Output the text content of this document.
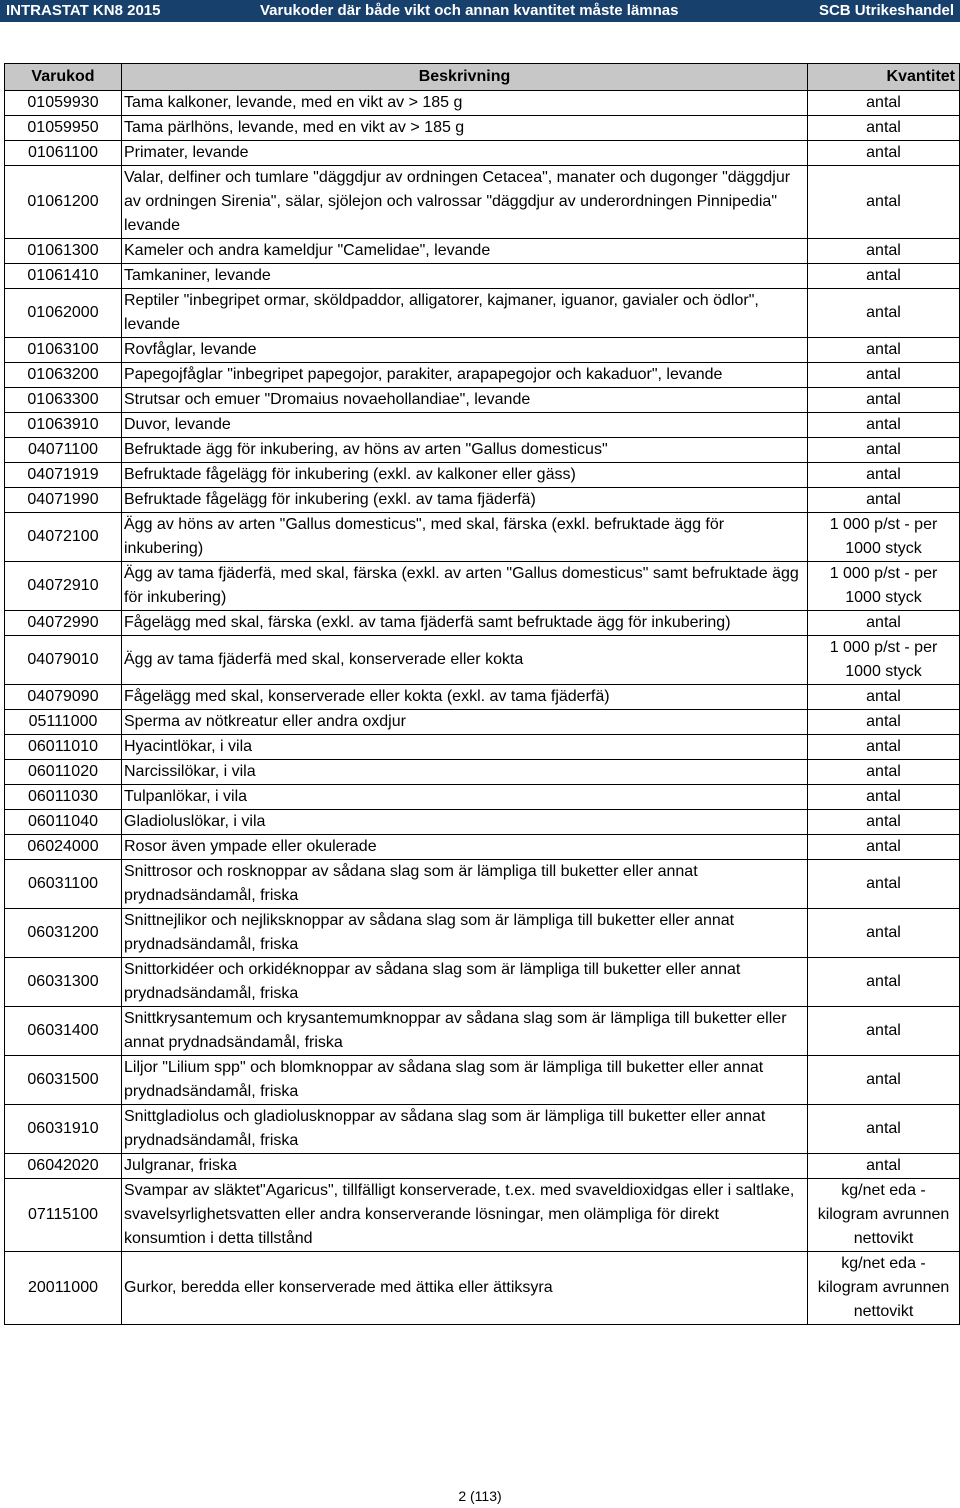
INTRASTAT KN8 2015	Varukoder där både vikt och annan kvantitet måste lämnas	SCB Utrikeshandel
Varukod	Beskrivning	Kvantitet
01059930	Tama kalkoner, levande, med en vikt av > 185 g	antal
01059950	Tama pärlhöns, levande, med en vikt av > 185 g	antal
01061100	Primater, levande	antal
01061200	Valar, delfiner och tumlare "däggdjur av ordningen Cetacea", manater och dugonger "däggdjur av ordningen Sirenia", sälar, sjölejon och valrossar "däggdjur av underordningen Pinnipedia" levande	antal
01061300	Kameler och andra kameldjur "Camelidae", levande	antal
01061410	Tamkaniner, levande	antal
01062000	Reptiler "inbegripet ormar, sköldpaddor, alligatorer, kajmaner, iguanor, gavialer och ödlor", levande	antal
01063100	Rovfåglar, levande	antal
01063200	Papegojfåglar "inbegripet papegojor, parakiter, arapapegojor och kakaduor", levande	antal
01063300	Strutsar och emuer "Dromaius novaehollandiae", levande	antal
01063910	Duvor, levande	antal
04071100	Befruktade ägg för inkubering, av höns av arten "Gallus domesticus"	antal
04071919	Befruktade fågelägg för inkubering (exkl. av kalkoner eller gäss)	antal
04071990	Befruktade fågelägg för inkubering (exkl. av tama fjäderfä)	antal
04072100	Ägg av höns av arten "Gallus domesticus", med skal, färska (exkl. befruktade ägg för inkubering)	1 000 p/st - per 1000 styck
04072910	Ägg av tama fjäderfä, med skal, färska (exkl. av arten "Gallus domesticus" samt befruktade ägg för inkubering)	1 000 p/st - per 1000 styck
04072990	Fågelägg med skal, färska (exkl. av tama fjäderfä samt befruktade ägg för inkubering)	antal
04079010	Ägg av tama fjäderfä med skal, konserverade eller kokta	1 000 p/st - per 1000 styck
04079090	Fågelägg med skal, konserverade eller kokta (exkl. av tama fjäderfä)	antal
05111000	Sperma av nötkreatur eller andra oxdjur	antal
06011010	Hyacintlökar, i vila	antal
06011020	Narcissilökar, i vila	antal
06011030	Tulpanlökar, i vila	antal
06011040	Gladioluslökar, i vila	antal
06024000	Rosor även ympade eller okulerade	antal
06031100	Snittrosor och rosknoppar av sådana slag som är lämpliga till buketter eller annat prydnadsändamål, friska	antal
06031200	Snittnejlikor och nejliksknoppar av sådana slag som är lämpliga till buketter eller annat prydnadsändamål, friska	antal
06031300	Snittorkidéer och orkidéknoppar av sådana slag som är lämpliga till buketter eller annat prydnadsändamål, friska	antal
06031400	Snittkrysantemum och krysantemumknoppar av sådana slag som är lämpliga till buketter eller annat prydnadsändamål, friska	antal
06031500	Liljor "Lilium spp" och blomknoppar av sådana slag som är lämpliga till buketter eller annat prydnadsändamål, friska	antal
06031910	Snittgladiolus och gladiolusknoppar av sådana slag som är lämpliga till buketter eller annat prydnadsändamål, friska	antal
06042020	Julgranar, friska	antal
07115100	Svampar av släktet"Agaricus", tillfälligt konserverade, t.ex. med svaveldioxidgas eller i saltlake, svavelsyrlighetsvatten eller andra konserverande lösningar, men olämpliga för direkt konsumtion i detta tillstånd	kg/net eda - kilogram avrunnen nettovikt
20011000	Gurkor, beredda eller konserverade med ättika eller ättiksyra	kg/net eda - kilogram avrunnen nettovikt
2 (113)
